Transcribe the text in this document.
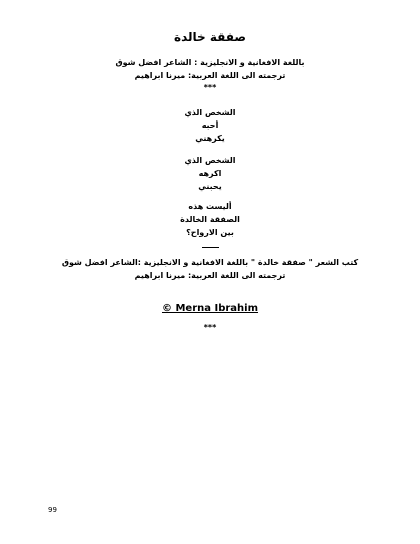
صفقة خالدة
باللغة الافغانية و الانجليزية : الشاعر افضل شوق
ترجمته الى اللغة العربية: ميرنا ابراهيم
***
الشخص الذي
أحبه
يكرهني
الشخص الذي
اكرهه
يحبني
أليست هذه
الصفقة الخالدة
بين الارواح؟
كتب الشعر " صفقة خالدة " باللغة الافغانية و الانجليزية :الشاعر افضل شوق
ترجمته الى اللغة العربية: ميرنا ابراهيم
© Merna Ibrahim
***
99
